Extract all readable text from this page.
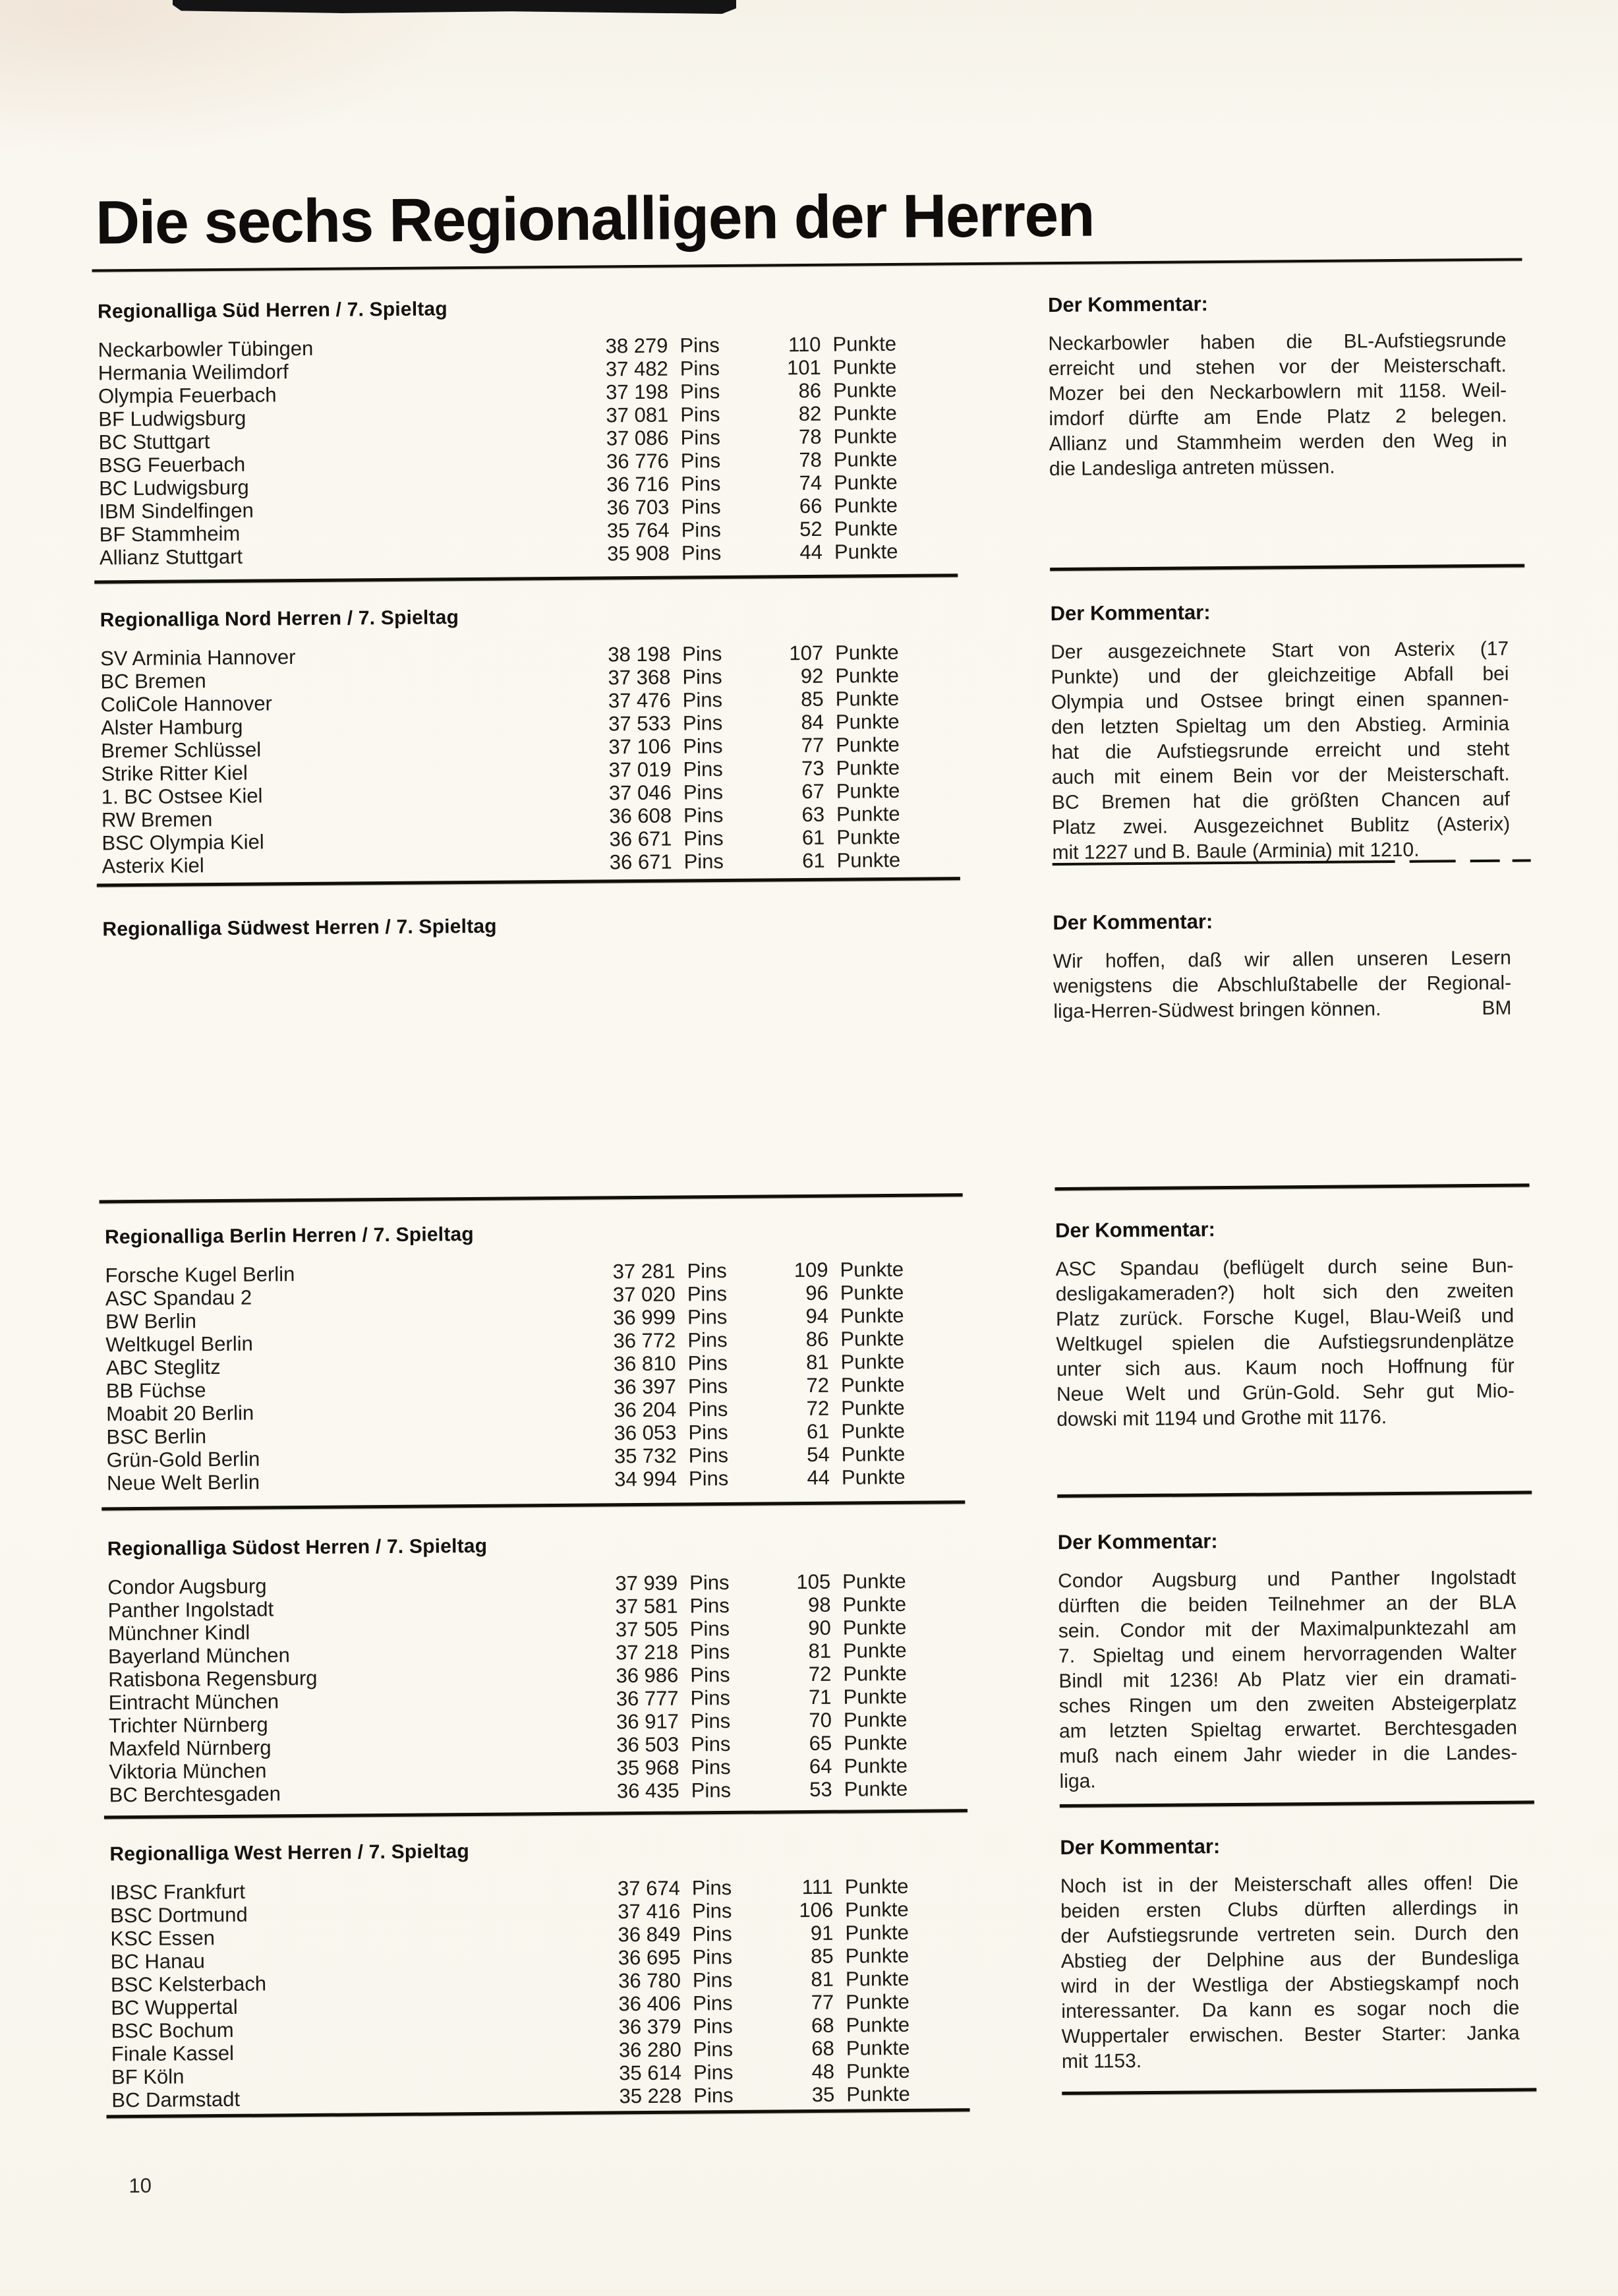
Die sechs Regionalligen der Herren
Regionalliga Süd Herren / 7. Spieltag
Neckarbowler Tübingen	38 279 Pins	110 Punkte
Hermania Weilimdorf	37 482 Pins	101 Punkte
Olympia Feuerbach	37 198 Pins	86 Punkte
BF Ludwigsburg	37 081 Pins	82 Punkte
BC Stuttgart	37 086 Pins	78 Punkte
BSG Feuerbach	36 776 Pins	78 Punkte
BC Ludwigsburg	36 716 Pins	74 Punkte
IBM Sindelfingen	36 703 Pins	66 Punkte
BF Stammheim	35 764 Pins	52 Punkte
Allianz Stuttgart	35 908 Pins	44 Punkte
Der Kommentar:
Neckarbowler haben die BL-Aufstiegsrunde
erreicht und stehen vor der Meisterschaft.
Mozer bei den Neckarbowlern mit 1158. Weil-
imdorf dürfte am Ende Platz 2 belegen.
Allianz und Stammheim werden den Weg in
die Landesliga antreten müssen.
Regionalliga Nord Herren / 7. Spieltag
SV Arminia Hannover	38 198 Pins	107 Punkte
BC Bremen	37 368 Pins	92 Punkte
ColiCole Hannover	37 476 Pins	85 Punkte
Alster Hamburg	37 533 Pins	84 Punkte
Bremer Schlüssel	37 106 Pins	77 Punkte
Strike Ritter Kiel	37 019 Pins	73 Punkte
1. BC Ostsee Kiel	37 046 Pins	67 Punkte
RW Bremen	36 608 Pins	63 Punkte
BSC Olympia Kiel	36 671 Pins	61 Punkte
Asterix Kiel	36 671 Pins	61 Punkte
Der Kommentar:
Der ausgezeichnete Start von Asterix (17
Punkte) und der gleichzeitige Abfall bei
Olympia und Ostsee bringt einen spannen-
den letzten Spieltag um den Abstieg. Arminia
hat die Aufstiegsrunde erreicht und steht
auch mit einem Bein vor der Meisterschaft.
BC Bremen hat die größten Chancen auf
Platz zwei. Ausgezeichnet Bublitz (Asterix)
mit 1227 und B. Baule (Arminia) mit 1210.
Regionalliga Südwest Herren / 7. Spieltag	Der Kommentar:
Wir hoffen, daß wir allen unseren Lesern
wenigstens die Abschlußtabelle der Regional-
liga-Herren-Südwest bringen können.	BM
Regionalliga Berlin Herren / 7. Spieltag
Forsche Kugel Berlin	37 281 Pins	109 Punkte
ASC Spandau 2	37 020 Pins	96 Punkte
BW Berlin	36 999 Pins	94 Punkte
Weltkugel Berlin	36 772 Pins	86 Punkte
ABC Steglitz	36 810 Pins	81 Punkte
BB Füchse	36 397 Pins	72 Punkte
Moabit 20 Berlin	36 204 Pins	72 Punkte
BSC Berlin	36 053 Pins	61 Punkte
Grün-Gold Berlin	35 732 Pins	54 Punkte
Neue Welt Berlin	34 994 Pins	44 Punkte
Der Kommentar:
ASC Spandau (beflügelt durch seine Bun-
desligakameraden?) holt sich den zweiten
Platz zurück. Forsche Kugel, Blau-Weiß und
Weltkugel spielen die Aufstiegsrundenplätze
unter sich aus. Kaum noch Hoffnung für
Neue Welt und Grün-Gold. Sehr gut Mio-
dowski mit 1194 und Grothe mit 1176.
Regionalliga Südost Herren / 7. Spieltag
Condor Augsburg	37 939 Pins	105 Punkte
Panther Ingolstadt	37 581 Pins	98 Punkte
Münchner Kindl	37 505 Pins	90 Punkte
Bayerland München	37 218 Pins	81 Punkte
Ratisbona Regensburg	36 986 Pins	72 Punkte
Eintracht München	36 777 Pins	71 Punkte
Trichter Nürnberg	36 917 Pins	70 Punkte
Maxfeld Nürnberg	36 503 Pins	65 Punkte
Viktoria München	35 968 Pins	64 Punkte
BC Berchtesgaden	36 435 Pins	53 Punkte
Der Kommentar:
Condor Augsburg und Panther Ingolstadt
dürften die beiden Teilnehmer an der BLA
sein. Condor mit der Maximalpunktezahl am
7. Spieltag und einem hervorragenden Walter
Bindl mit 1236! Ab Platz vier ein dramati-
sches Ringen um den zweiten Absteigerplatz
am letzten Spieltag erwartet. Berchtesgaden
muß nach einem Jahr wieder in die Landes-
liga.
Regionalliga West Herren / 7. Spieltag
IBSC Frankfurt	37 674 Pins	111 Punkte
BSC Dortmund	37 416 Pins	106 Punkte
KSC Essen	36 849 Pins	91 Punkte
BC Hanau	36 695 Pins	85 Punkte
BSC Kelsterbach	36 780 Pins	81 Punkte
BC Wuppertal	36 406 Pins	77 Punkte
BSC Bochum	36 379 Pins	68 Punkte
Finale Kassel	36 280 Pins	68 Punkte
BF Köln	35 614 Pins	48 Punkte
BC Darmstadt	35 228 Pins	35 Punkte
Der Kommentar:
Noch ist in der Meisterschaft alles offen! Die
beiden ersten Clubs dürften allerdings in
der Aufstiegsrunde vertreten sein. Durch den
Abstieg der Delphine aus der Bundesliga
wird in der Westliga der Abstiegskampf noch
interessanter. Da kann es sogar noch die
Wuppertaler erwischen. Bester Starter: Janka
mit 1153.
10
